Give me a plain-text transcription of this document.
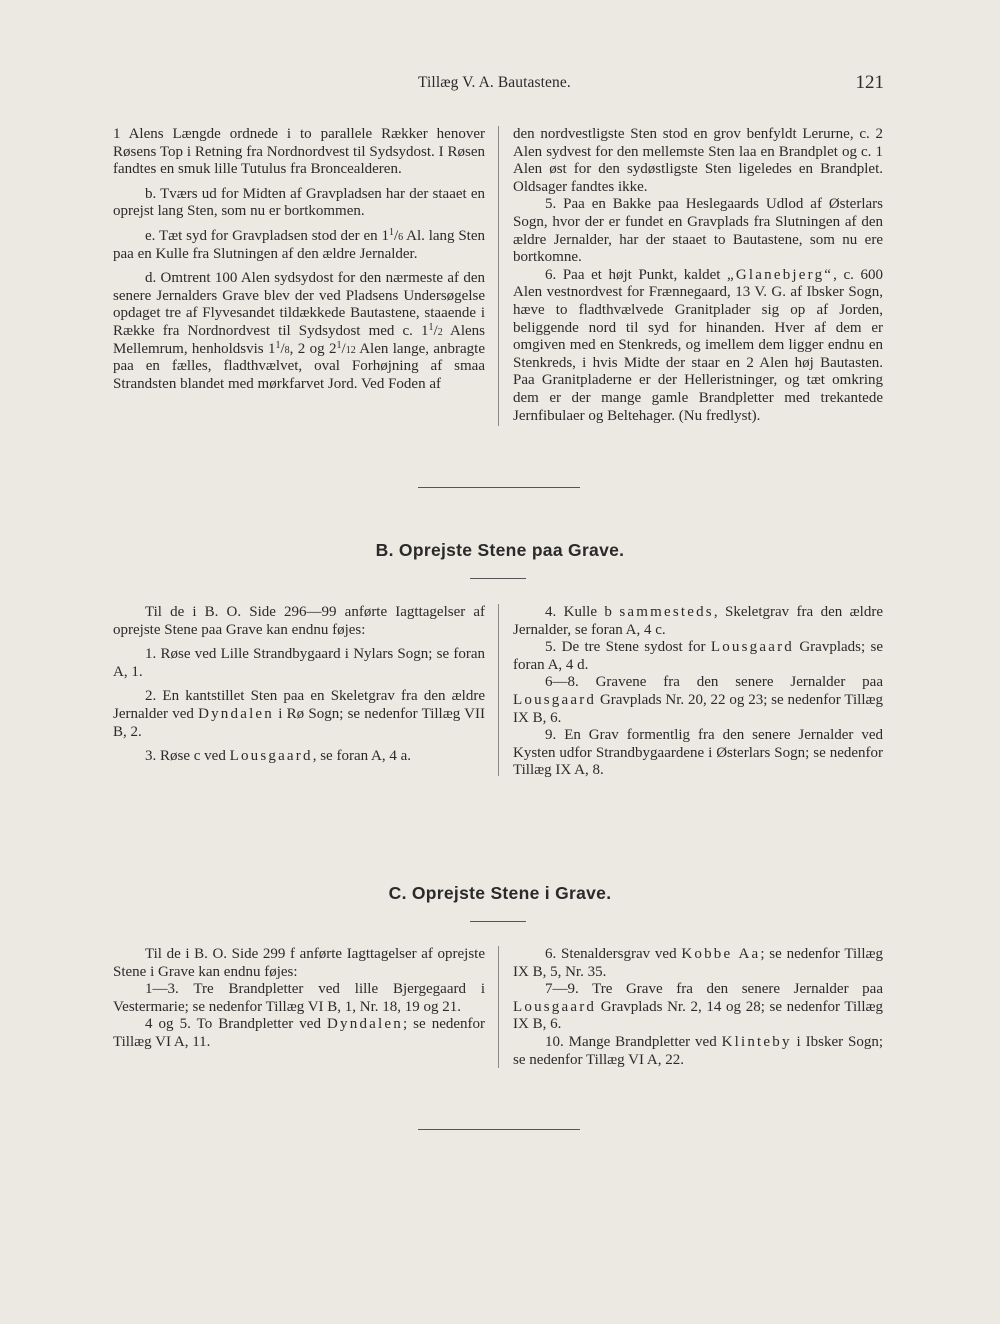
Tillæg V. A. Bautastene.	121

1 Alens Længde ordnede i to parallele Rækker henover Røsens Top i Retning fra Nordnordvest til Sydsydost. I Røsen fandtes en smuk lille Tutulus fra Broncealderen.

b. Tværs ud for Midten af Gravpladsen har der staaet en oprejst lang Sten, som nu er bortkommen.

e. Tæt syd for Gravpladsen stod der en $1^1/6$ Al. lang Sten paa en Kulle fra Slutningen af den ældre Jernalder.

d. Omtrent 100 Alen sydsydost for den nærmeste af den senere Jernalders Grave blev der ved Pladsens Undersøgelse opdaget tre af Flyvesandet tildækkede Bautastene, staaende i Række fra Nordnordvest til Sydsydost med c. $1^1/2$ Alens Mellemrum, henholdsvis $1^1/8$, 2 og $2^1/12$ Alen lange, anbragte paa en fælles, fladthvælvet, oval Forhøjning af smaa Strandsten blandet med mørkfarvet Jord. Ved Foden af

den nordvestligste Sten stod en grov benfyldt Lerurne, c. 2 Alen sydvest for den mellemste Sten laa en Brandplet og c. 1 Alen øst for den sydøstligste Sten ligeledes en Brandplet. Oldsager fandtes ikke.

5. Paa en Bakke paa Heslegaards Udlod af Østerlars Sogn, hvor der er fundet en Gravplads fra Slutningen af den ældre Jernalder, har der staaet to Bautastene, som nu ere bortkomne.

6. Paa et højt Punkt, kaldet „Glanebjerg“, c. 600 Alen vestnordvest for Frænnegaard, 13 V. G. af Ibsker Sogn, hæve to fladthvælvede Granitplader sig op af Jorden, beliggende nord til syd for hinanden. Hver af dem er omgiven med en Stenkreds, og imellem dem ligger endnu en Stenkreds, i hvis Midte der staar en 2 Alen høj Bautasten. Paa Granitpladerne er der Helleristninger, og tæt omkring dem er der mange gamle Brandpletter med trekantede Jernfibulaer og Beltehager. (Nu fredlyst).

B. Oprejste Stene paa Grave.

Til de i B. O. Side 296—99 anførte Iagttagelser af oprejste Stene paa Grave kan endnu føjes:

1. Røse ved Lille Strandbygaard i Nylars Sogn; se foran A, 1.

2. En kantstillet Sten paa en Skeletgrav fra den ældre Jernalder ved Dyndalen i Rø Sogn; se nedenfor Tillæg VII B, 2.

3. Røse c ved Lousgaard, se foran A, 4 a.

4. Kulle b sammesteds, Skeletgrav fra den ældre Jernalder, se foran A, 4 c.

5. De tre Stene sydost for Lousgaard Gravplads; se foran A, 4 d.

6—8. Gravene fra den senere Jernalder paa Lousgaard Gravplads Nr. 20, 22 og 23; se nedenfor Tillæg IX B, 6.

9. En Grav formentlig fra den senere Jernalder ved Kysten udfor Strandbygaardene i Østerlars Sogn; se nedenfor Tillæg IX A, 8.

C. Oprejste Stene i Grave.

Til de i B. O. Side 299 f anførte Iagttagelser af oprejste Stene i Grave kan endnu føjes:

1—3. Tre Brandpletter ved lille Bjergegaard i Vestermarie; se nedenfor Tillæg VI B, 1, Nr. 18, 19 og 21.

4 og 5. To Brandpletter ved Dyndalen; se nedenfor Tillæg VI A, 11.

6. Stenaldersgrav ved Kobbe Aa; se nedenfor Tillæg IX B, 5, Nr. 35.

7—9. Tre Grave fra den senere Jernalder paa Lousgaard Gravplads Nr. 2, 14 og 28; se nedenfor Tillæg IX B, 6.

10. Mange Brandpletter ved Klinteby i Ibsker Sogn; se nedenfor Tillæg VI A, 22.
